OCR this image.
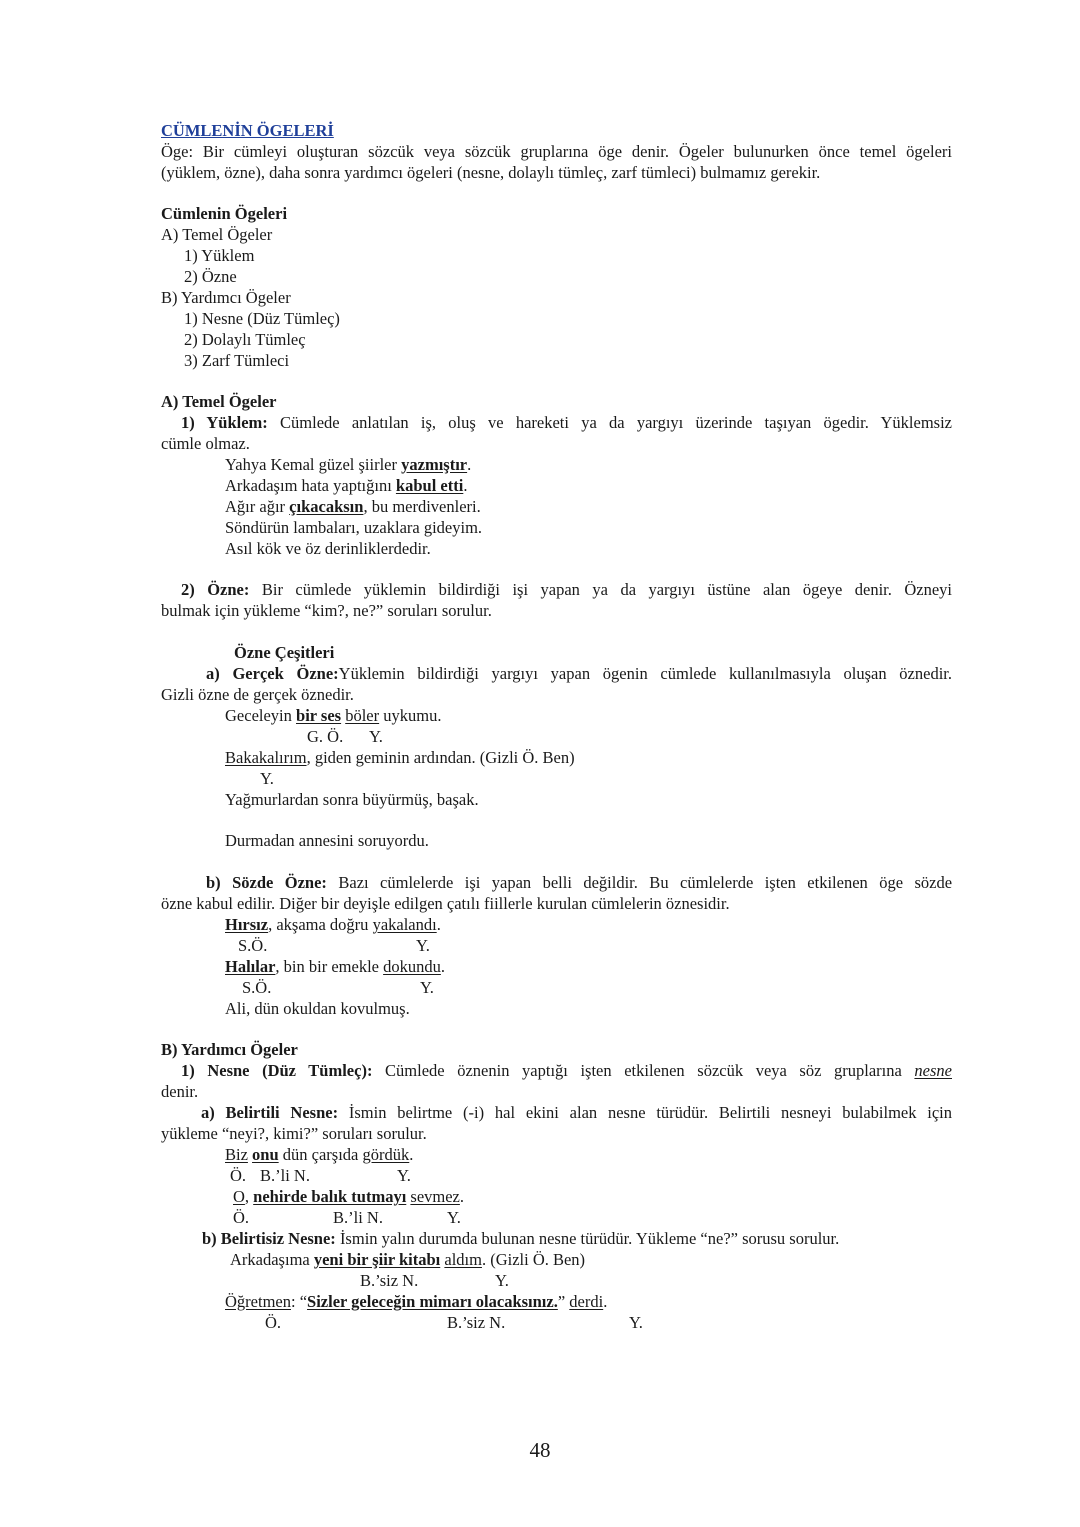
CÜMLENİN ÖGELERİ
Öge: Bir cümleyi oluşturan sözcük veya sözcük gruplarına öge denir. Ögeler bulunurken önce temel ögeleri
(yüklem, özne), daha sonra yardımcı ögeleri (nesne, dolaylı tümleç, zarf tümleci) bulmamız gerekir.
Cümlenin Ögeleri
A) Temel Ögeler
1) Yüklem
2) Özne
B) Yardımcı Ögeler
1) Nesne (Düz Tümleç)
2) Dolaylı Tümleç
3) Zarf Tümleci
A) Temel Ögeler
1) Yüklem: Cümlede anlatılan iş, oluş ve hareketi ya da yargıyı üzerinde taşıyan ögedir. Yüklemsiz
cümle olmaz.
Yahya Kemal güzel şiirler yazmıştır.
Arkadaşım hata yaptığını kabul etti.
Ağır ağır çıkacaksın, bu merdivenleri.
Söndürün lambaları, uzaklara gideyim.
Asıl kök ve öz derinliklerdedir.
2) Özne: Bir cümlede yüklemin bildirdiği işi yapan ya da yargıyı üstüne alan ögeye denir. Özneyi
bulmak için yükleme “kim?, ne?” soruları sorulur.
Özne Çeşitleri
a) Gerçek Özne:Yüklemin bildirdiği yargıyı yapan ögenin cümlede kullanılmasıyla oluşan öznedir.
Gizli özne de gerçek öznedir.
Geceleyin bir ses böler uykumu.
G. Ö. Y.
Bakakalırım, giden geminin ardından. (Gizli Ö. Ben)
Y.
Yağmurlardan sonra büyürmüş, başak.
Durmadan annesini soruyordu.
b) Sözde Özne: Bazı cümlelerde işi yapan belli değildir. Bu cümlelerde işten etkilenen öge sözde
özne kabul edilir. Diğer bir deyişle edilgen çatılı fiillerle kurulan cümlelerin öznesidir.
Hırsız, akşama doğru yakalandı.
S.Ö.	Y.
Halılar, bin bir emekle dokundu.
S.Ö.	Y.
Ali, dün okuldan kovulmuş.
B) Yardımcı Ögeler
1) Nesne (Düz Tümleç): Cümlede öznenin yaptığı işten etkilenen sözcük veya söz gruplarına nesne
denir.
a) Belirtili Nesne: İsmin belirtme (-i) hal ekini alan nesne türüdür. Belirtili nesneyi bulabilmek için
yükleme “neyi?, kimi?” soruları sorulur.
Biz onu dün çarşıda gördük.
Ö. B.’li N.	Y.
O, nehirde balık tutmayı sevmez.
Ö.	B.’li N.	Y.
b) Belirtisiz Nesne: İsmin yalın durumda bulunan nesne türüdür. Yükleme “ne?” sorusu sorulur.
Arkadaşıma yeni bir şiir kitabı aldım. (Gizli Ö. Ben)
B.’siz N.	Y.
Öğretmen: “Sizler geleceğin mimarı olacaksınız.” derdi.
Ö.	B.’siz N.	Y.
48
